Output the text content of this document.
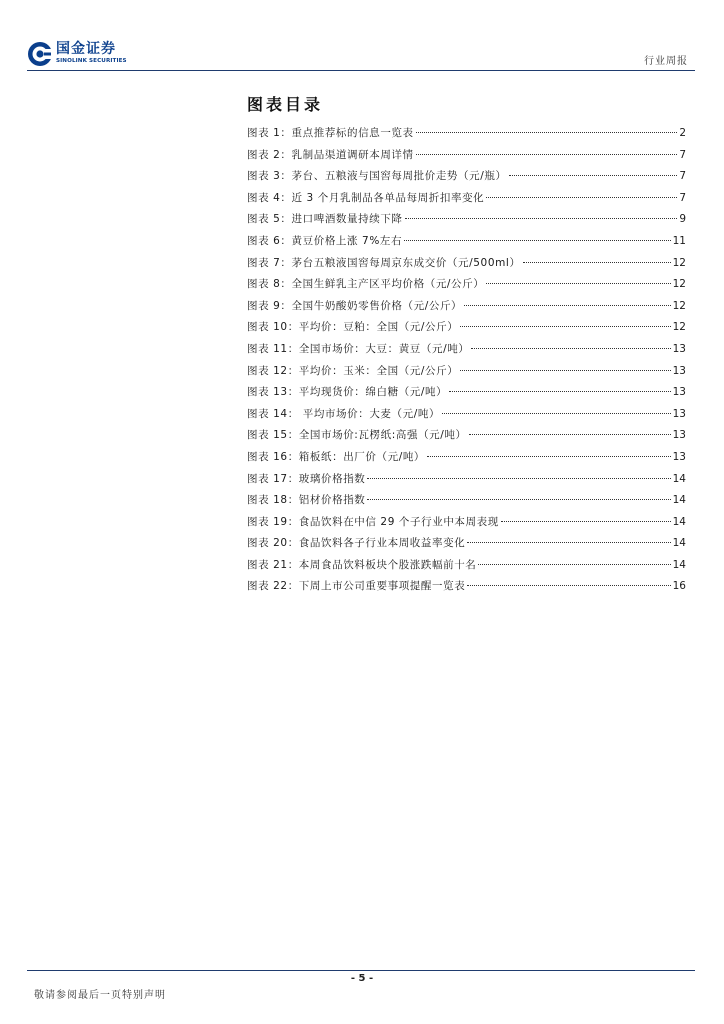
国金证券
SINOLINK SECURITIES	行业周报
图表目录
图表 1：重点推荐标的信息一览表	2
图表 2：乳制品渠道调研本周详情	7
图表 3：茅台、五粮液与国窖每周批价走势（元/瓶）	7
图表 4：近 3 个月乳制品各单品每周折扣率变化	7
图表 5：进口啤酒数量持续下降	9
图表 6：黄豆价格上涨 7%左右	11
图表 7：茅台五粮液国窖每周京东成交价（元/500ml）	12
图表 8：全国生鲜乳主产区平均价格（元/公斤）	12
图表 9：全国牛奶酸奶零售价格（元/公斤）	12
图表 10：平均价：豆粕：全国（元/公斤）	12
图表 11：全国市场价：大豆：黄豆（元/吨）	13
图表 12：平均价：玉米：全国（元/公斤）	13
图表 13：平均现货价：绵白糖（元/吨）	13
图表 14： 平均市场价：大麦（元/吨）	13
图表 15：全国市场价:瓦楞纸:高强（元/吨）	13
图表 16：箱板纸：出厂价（元/吨）	13
图表 17：玻璃价格指数	14
图表 18：铝材价格指数	14
图表 19：食品饮料在中信 29 个子行业中本周表现	14
图表 20：食品饮料各子行业本周收益率变化	14
图表 21：本周食品饮料板块个股涨跌幅前十名	14
图表 22：下周上市公司重要事项提醒一览表	16
- 5 -
敬请参阅最后一页特别声明
